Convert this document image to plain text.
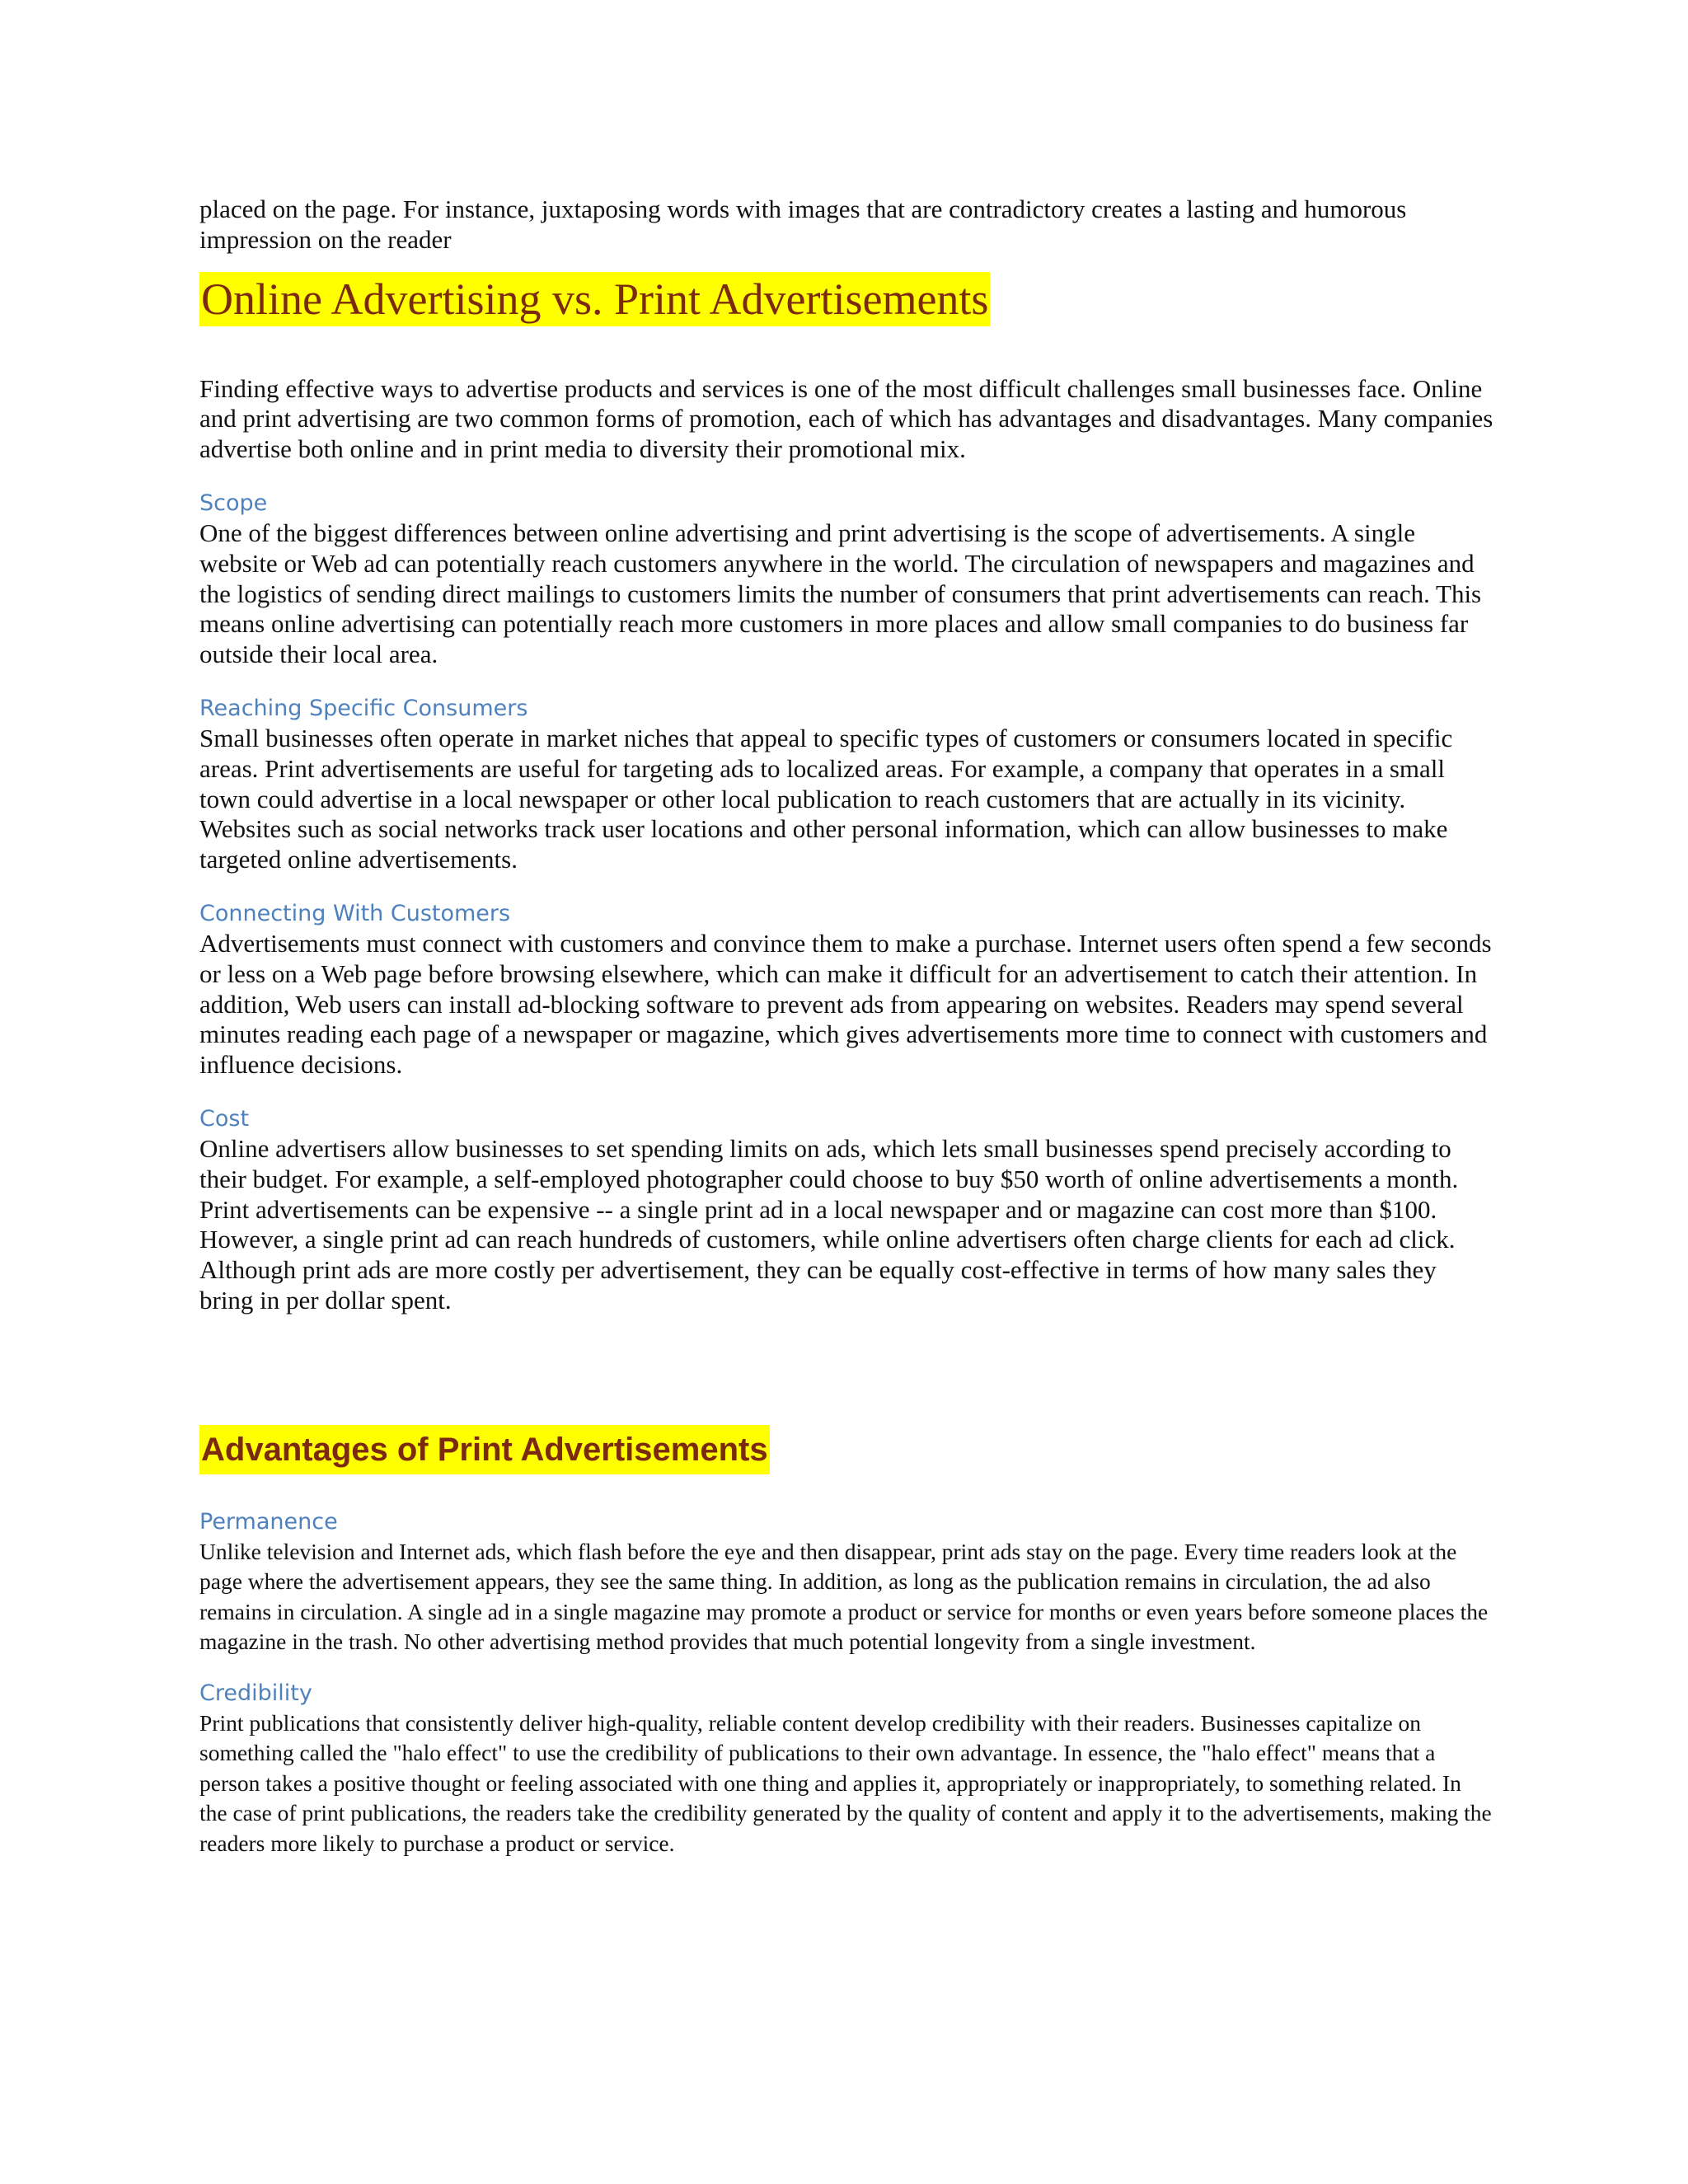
placed on the page. For instance, juxtaposing words with images that are contradictory creates a lasting and humorous impression on the reader

Online Advertising vs. Print Advertisements

Finding effective ways to advertise products and services is one of the most difficult challenges small businesses face. Online and print advertising are two common forms of promotion, each of which has advantages and disadvantages. Many companies advertise both online and in print media to diversity their promotional mix.

Scope

One of the biggest differences between online advertising and print advertising is the scope of advertisements. A single website or Web ad can potentially reach customers anywhere in the world. The circulation of newspapers and magazines and the logistics of sending direct mailings to customers limits the number of consumers that print advertisements can reach. This means online advertising can potentially reach more customers in more places and allow small companies to do business far outside their local area.

Reaching Specific Consumers

Small businesses often operate in market niches that appeal to specific types of customers or consumers located in specific areas. Print advertisements are useful for targeting ads to localized areas. For example, a company that operates in a small town could advertise in a local newspaper or other local publication to reach customers that are actually in its vicinity. Websites such as social networks track user locations and other personal information, which can allow businesses to make targeted online advertisements.

Connecting With Customers

Advertisements must connect with customers and convince them to make a purchase. Internet users often spend a few seconds or less on a Web page before browsing elsewhere, which can make it difficult for an advertisement to catch their attention. In addition, Web users can install ad-blocking software to prevent ads from appearing on websites. Readers may spend several minutes reading each page of a newspaper or magazine, which gives advertisements more time to connect with customers and influence decisions.

Cost

Online advertisers allow businesses to set spending limits on ads, which lets small businesses spend precisely according to their budget. For example, a self-employed photographer could choose to buy $50 worth of online advertisements a month. Print advertisements can be expensive -- a single print ad in a local newspaper and or magazine can cost more than $100. However, a single print ad can reach hundreds of customers, while online advertisers often charge clients for each ad click. Although print ads are more costly per advertisement, they can be equally cost-effective in terms of how many sales they bring in per dollar spent.

Advantages of Print Advertisements
Permanence

Unlike television and Internet ads, which flash before the eye and then disappear, print ads stay on the page. Every time readers look at the page where the advertisement appears, they see the same thing. In addition, as long as the publication remains in circulation, the ad also remains in circulation. A single ad in a single magazine may promote a product or service for months or even years before someone places the magazine in the trash. No other advertising method provides that much potential longevity from a single investment.

Credibility

Print publications that consistently deliver high-quality, reliable content develop credibility with their readers. Businesses capitalize on something called the "halo effect" to use the credibility of publications to their own advantage. In essence, the "halo effect" means that a person takes a positive thought or feeling associated with one thing and applies it, appropriately or inappropriately, to something related. In the case of print publications, the readers take the credibility generated by the quality of content and apply it to the advertisements, making the readers more likely to purchase a product or service.
